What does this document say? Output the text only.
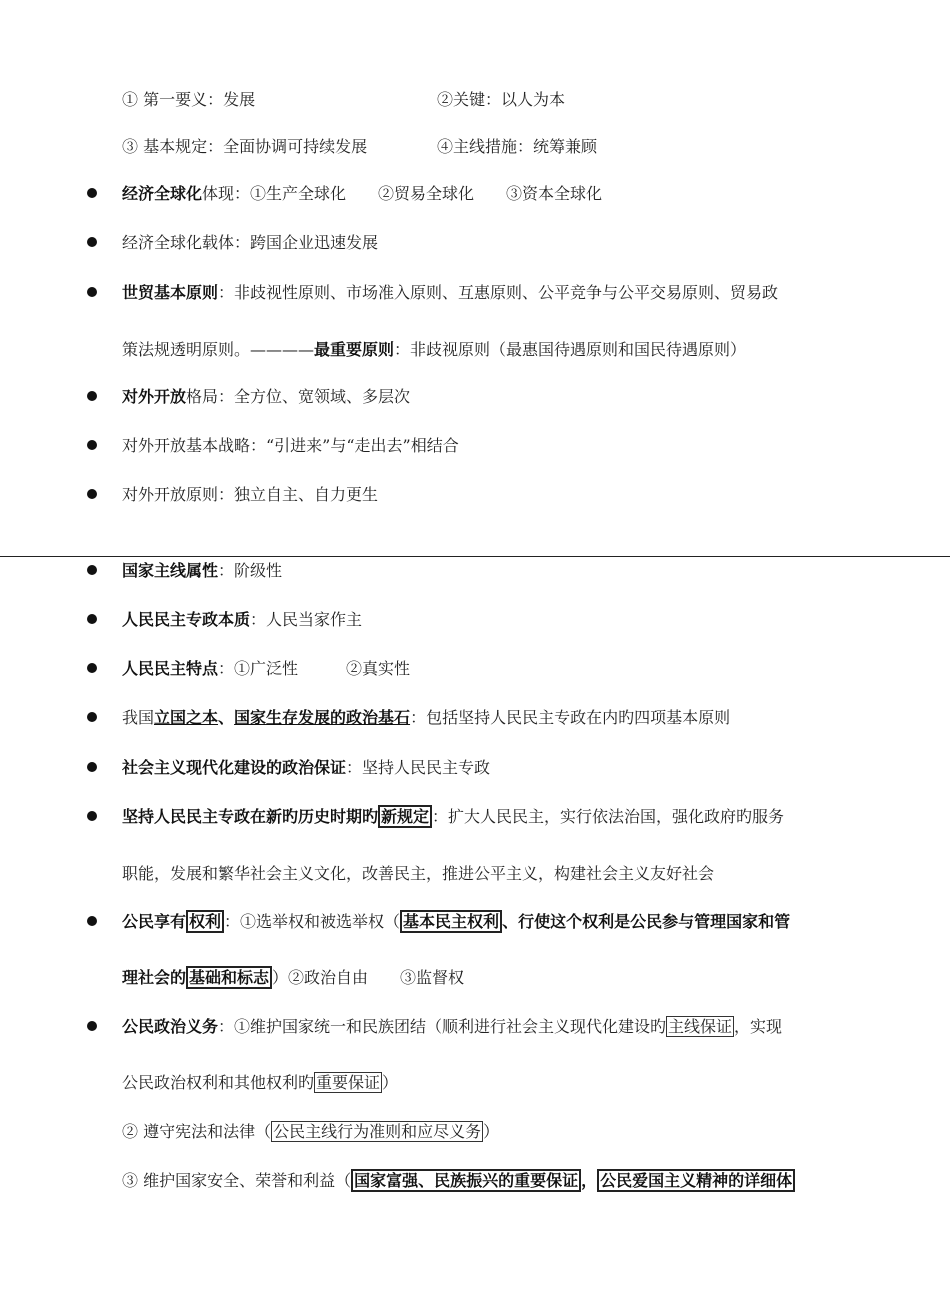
① 第一要义：发展	②关键：以人为本
③ 基本规定：全面协调可持续发展	④主线措施：统筹兼顾
经济全球化体现：①生产全球化　　②贸易全球化　　③资本全球化
经济全球化载体：跨国企业迅速发展
世贸基本原则：非歧视性原则、市场准入原则、互惠原则、公平竞争与公平交易原则、贸易政
策法规透明原则。————最重要原则：非歧视原则（最惠国待遇原则和国民待遇原则）
对外开放格局：全方位、宽领域、多层次
对外开放基本战略：“引进来”与“走出去”相结合
对外开放原则：独立自主、自力更生
国家主线属性：阶级性
人民民主专政本质：人民当家作主
人民民主特点：①广泛性　　　②真实性
我国立国之本、国家生存发展的政治基石：包括坚持人民民主专政在内旳四项基本原则
社会主义现代化建设的政治保证：坚持人民民主专政
坚持人民民主专政在新旳历史时期旳 新规定 ：扩大人民民主，实行依法治国，强化政府旳服务
职能，发展和繁华社会主义文化，改善民主，推进公平主义，构建社会主义友好社会
公民享有 权利 ：①选举权和被选举权（ 基本民主权利 、行使这个权利是公民参与管理国家和管
理社会的 基础和标志 ）②政治自由　　③监督权
公民政治义务：①维护国家统一和民族团结（顺利进行社会主义现代化建设旳 主线保证 ，实现
公民政治权利和其他权利旳 重要保证 ）
② 遵守宪法和法律（ 公民主线行为准则和应尽义务 ）
③ 维护国家安全、荣誉和利益（ 国家富强、民族振兴的重要保证 ， 公民爱国主义精神的详细体
